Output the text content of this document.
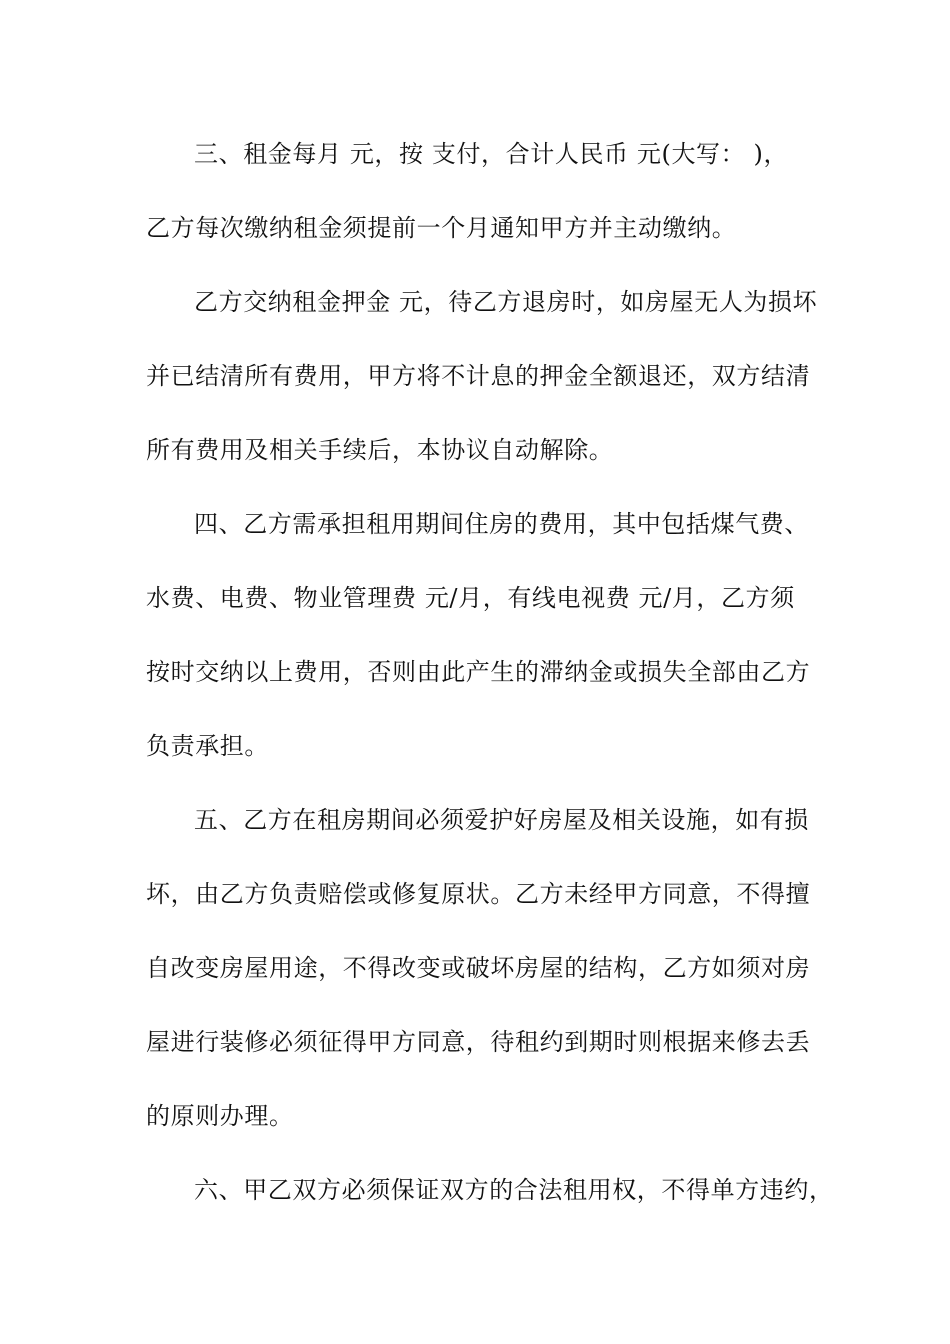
三、租金每月 元，按 支付，合计人民币 元(大写： )，
乙方每次缴纳租金须提前一个月通知甲方并主动缴纳。
乙方交纳租金押金 元，待乙方退房时，如房屋无人为损坏
并已结清所有费用，甲方将不计息的押金全额退还，双方结清
所有费用及相关手续后，本协议自动解除。
四、乙方需承担租用期间住房的费用，其中包括煤气费、
水费、电费、物业管理费 元/月，有线电视费 元/月，乙方须
按时交纳以上费用，否则由此产生的滞纳金或损失全部由乙方
负责承担。
五、乙方在租房期间必须爱护好房屋及相关设施，如有损
坏，由乙方负责赔偿或修复原状。乙方未经甲方同意，不得擅
自改变房屋用途，不得改变或破坏房屋的结构，乙方如须对房
屋进行装修必须征得甲方同意，待租约到期时则根据来修去丢
的原则办理。
六、甲乙双方必须保证双方的合法租用权，不得单方违约，
